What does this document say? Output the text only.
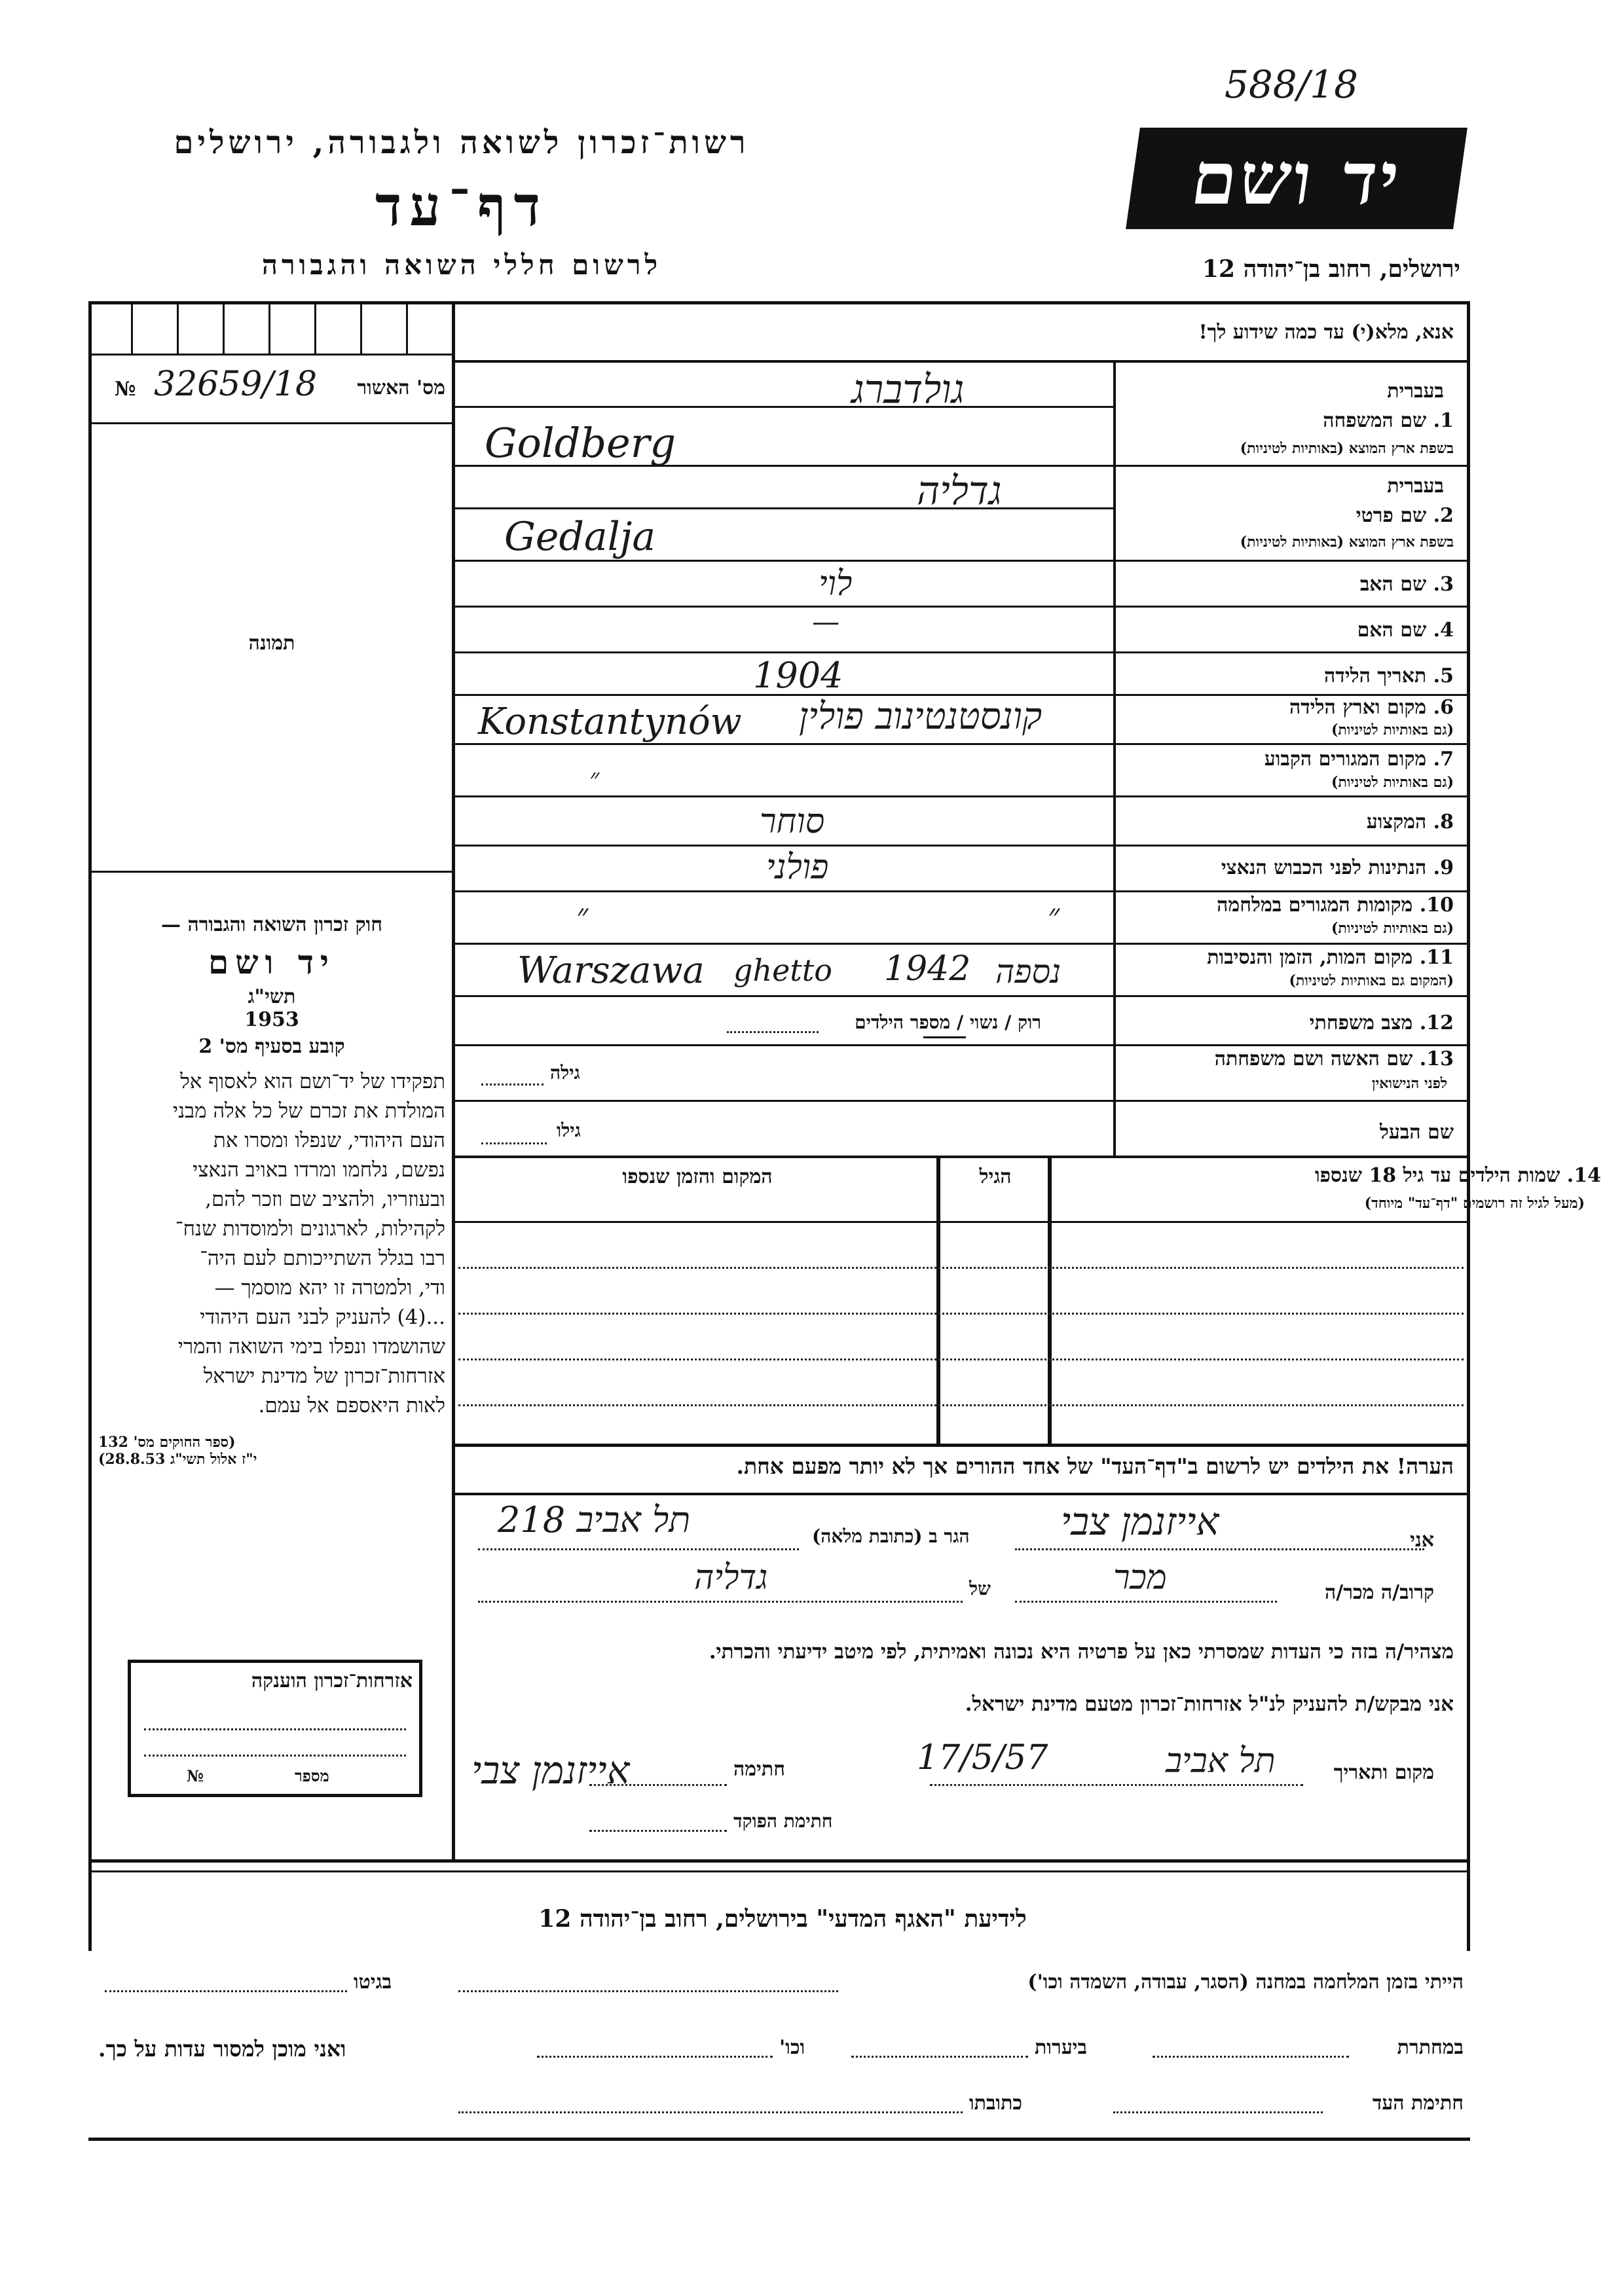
588/18
רשות־זכרון לשואה ולגבורה, ירושלים
דף־עד
לרשום חללי השואה והגבורה
יד ושם
ירושלים, רחוב בן־יהודה 12
מס' האשור
№ 32659/18
תמונה
חוק זכרון השואה והגבורה —
יד ושם
תשי"ג
1953
קובע בסעיף מס' 2
תפקידו של יד־ושם הוא לאסוף אל
המולדת את זכרם של כל אלה מבני
העם היהודי, שנפלו ומסרו את
נפשם, נלחמו ומרדו באויב הנאצי
ובעוזריו, ולהציב שם וזכר להם,
לקהילות, לארגונים ולמוסדות שנח־
רבו בגלל השתייכותם לעם היה־
ודי, ולמטרה זו יהא מוסמך —
...(4) להעניק לבני העם היהודי
שהושמדו ונפלו בימי השואה והמרי
אזרחות־זכרון של מדינת ישראל
לאות היאספם אל עמם.
(ספר החוקים מס' 132
י"ז אלול תשי"ג 28.8.53)
אזרחות־זכרון הוענקה
מספר
№
אנא, מלא(י) עד כמה שידוע לך!
בעברית
1. שם המשפחה
בשפת ארץ המוצא (באותיות לטיניות)
גולדברג
Goldberg
בעברית
2. שם פרטי
בשפת ארץ המוצא (באותיות לטיניות)
גדליה
Gedalja
3. שם האב
לוי
4. שם האם
—
5. תאריך הלידה
1904
6. מקום וארץ הלידה
(גם באותיות לטיניות)
קונסטנטינוב פולין
Konstantynów
7. מקום המגורים הקבוע
(גם באותיות לטיניות)
״
8. המקצוע
סוחר
9. הנתינות לפני הכבוש הנאצי
פולני
10. מקומות המגורים במלחמה
(גם באותיות לטיניות)
״	״
11. מקום המות, הזמן והנסיבות
(המקום גם באותיות לטיניות)
Warszawa ghetto 1942 נספה
12. מצב משפחתי
רוק / נשוי / מספר הילדים
13. שם האשה ושם משפחתה
לפני הנישואין
גילה
שם הבעל
גילו
14. שמות הילדים עד גיל 18 שנספו
(מעל לגיל זה רושמים "דף־עד" מיוחד)
הגיל
המקום והזמן שנספו
הערה! את הילדים יש לרשום ב"דף־העד" של אחד ההורים אך לא יותר מפעם אחת.
אני
אייזנמן צבי
הגר ב (כתובת מלאה)
תל אביב 218
קרוב/ה מכר/ה
מכר
של
גדליה
מצהיר/ה בזה כי העדות שמסרתי כאן על פרטיה היא נכונה ואמיתית, לפי מיטב ידיעתי והכרתי.
אני מבקש/ת להעניק לנ"ל אזרחות־זכרון מטעם מדינת ישראל.
מקום ותאריך
תל אביב
17/5/57
חתימה
אייזנמן צבי
חתימת הפוקד
לידיעת "האגף המדעי" בירושלים, רחוב בן־יהודה 12
הייתי בזמן המלחמה במחנה (הסגר, עבודה, השמדה וכו')
בגיטו
במחתרת
ביערות
וכו'
ואני מוכן למסור עדות על כך.
חתימת העד
כתובתו
